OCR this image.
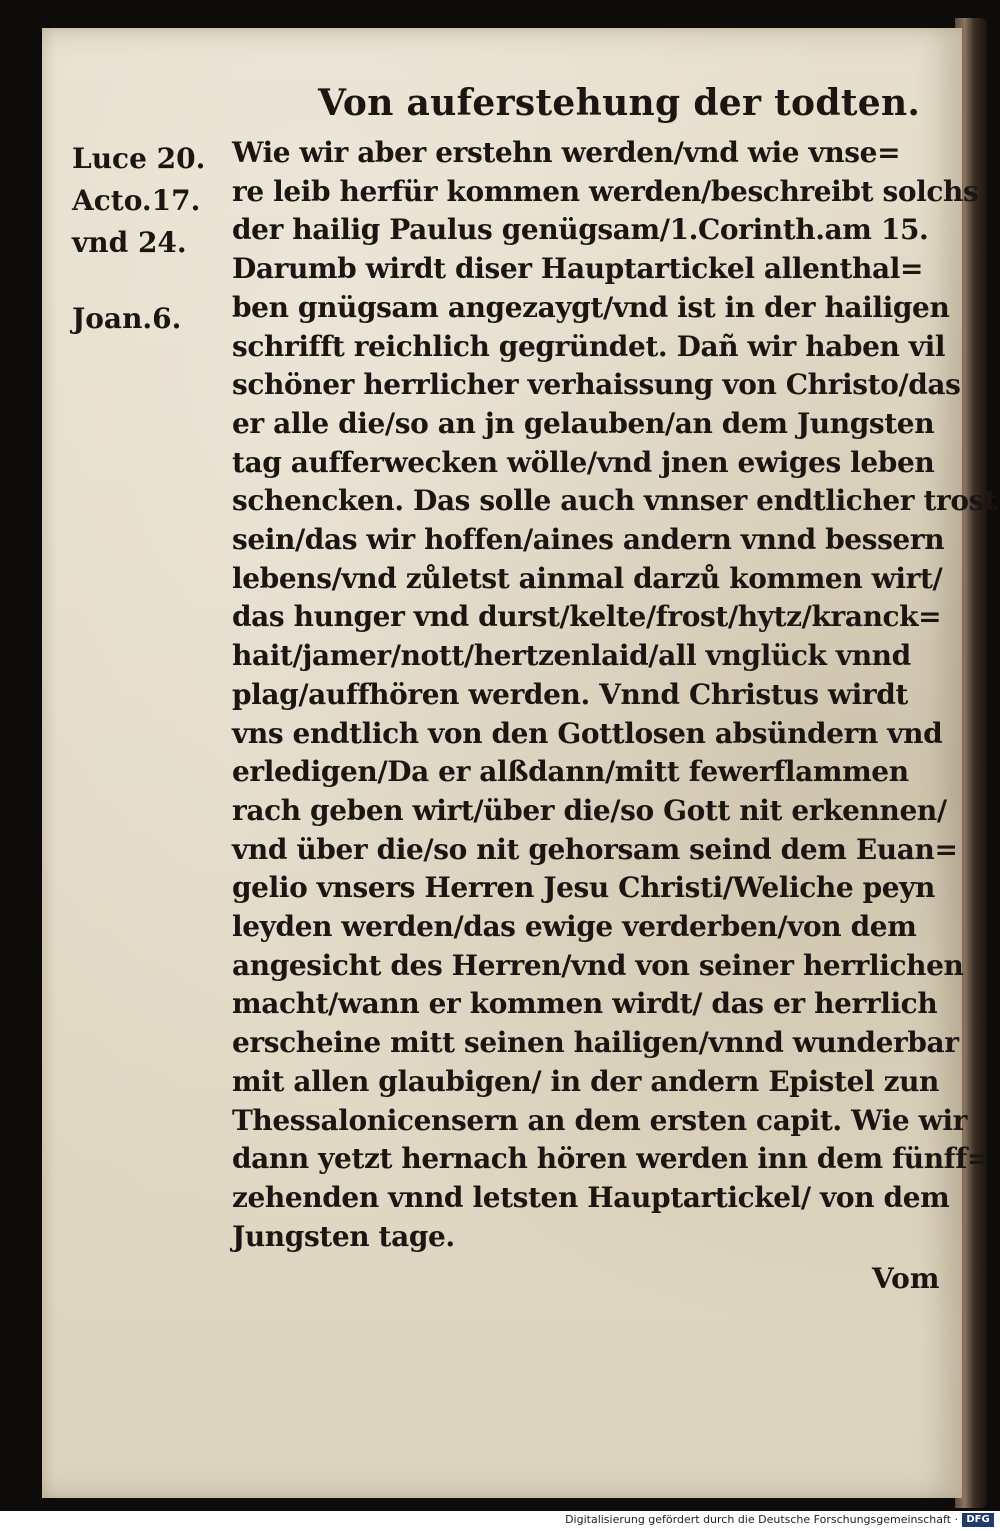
Von auferstehung der todten.
Luce 20.
Acto.17.
vnd 24.
Joan.6.
Wie wir aber erstehn werden/vnd wie vnse=
re leib herfür kommen werden/beschreibt solchs
der hailig Paulus genügsam/1.Corinth.am 15.
Darumb wirdt diser Hauptartickel allenthal=
ben gnügsam angezaygt/vnd ist in der hailigen
schrifft reichlich gegründet. Dañ wir haben vil
schöner herrlicher verhaissung von Christo/das
er alle die/so an jn gelauben/an dem Jungsten
tag aufferwecken wölle/vnd jnen ewiges leben
schencken. Das solle auch vnnser endtlicher trost
sein/das wir hoffen/aines andern vnnd bessern
lebens/vnd zůletst ainmal darzů kommen wirt/
das hunger vnd durst/kelte/frost/hytz/kranck=
hait/jamer/nott/hertzenlaid/all vnglück vnnd
plag/auffhören werden. Vnnd Christus wirdt
vns endtlich von den Gottlosen absündern vnd
erledigen/Da er alßdann/mitt fewerflammen
rach geben wirt/über die/so Gott nit erkennen/
vnd über die/so nit gehorsam seind dem Euan=
gelio vnsers Herren Jesu Christi/Weliche peyn
leyden werden/das ewige verderben/von dem
angesicht des Herren/vnd von seiner herrlichen
macht/wann er kommen wirdt/ das er herrlich
erscheine mitt seinen hailigen/vnnd wunderbar
mit allen glaubigen/ in der andern Epistel zun
Thessalonicensern an dem ersten capit. Wie wir
dann yetzt hernach hören werden inn dem fünff=
zehenden vnnd letsten Hauptartickel/ von dem
Jungsten tage.
Vom
Digitalisierung gefördert durch die Deutsche Forschungsgemeinschaft · DFG
